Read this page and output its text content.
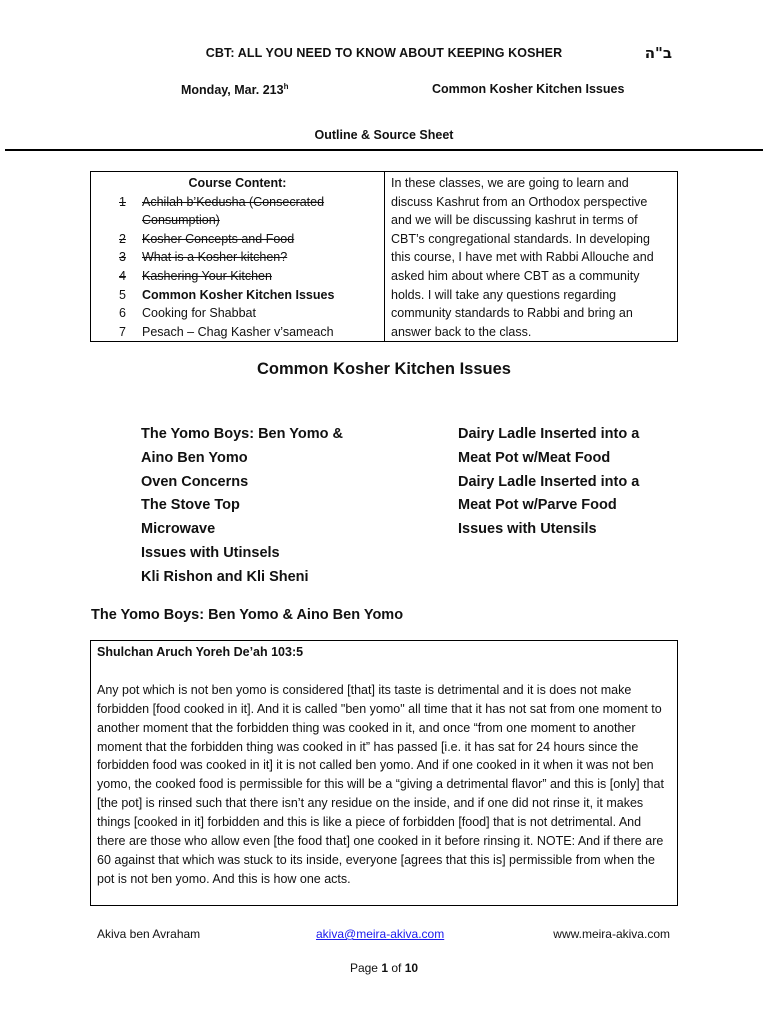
CBT: ALL YOU NEED TO KNOW ABOUT KEEPING KOSHER	ב"ה
Monday, Mar. 213$^h$	Common Kosher Kitchen Issues
Outline & Source Sheet
Course Content:
1	Achilah b’Kedusha (Consecrated Consumption)
2	Kosher Concepts and Food
3	What is a Kosher kitchen?
4	Kashering Your Kitchen
5	Common Kosher Kitchen Issues
6	Cooking for Shabbat
7	Pesach – Chag Kasher v’sameach
In these classes, we are going to learn and discuss Kashrut from an Orthodox perspective and we will be discussing kashrut in terms of CBT’s congregational standards. In developing this course, I have met with Rabbi Allouche and asked him about where CBT as a community holds. I will take any questions regarding community standards to Rabbi and bring an answer back to the class.
Common Kosher Kitchen Issues
The Yomo Boys: Ben Yomo &
Aino Ben Yomo
Oven Concerns
The Stove Top
Microwave
Issues with Utinsels
Kli Rishon and Kli Sheni
Dairy Ladle Inserted into a
Meat Pot w/Meat Food
Dairy Ladle Inserted into a
Meat Pot w/Parve Food
Issues with Utensils
The Yomo Boys: Ben Yomo & Aino Ben Yomo
Shulchan Aruch Yoreh De’ah 103:5

Any pot which is not ben yomo is considered [that] its taste is detrimental and it is does not make forbidden [food cooked in it]. And it is called "ben yomo" all time that it has not sat from one moment to another moment that the forbidden thing was cooked in it, and once “from one moment to another moment that the forbidden thing was cooked in it” has passed [i.e. it has sat for 24 hours since the forbidden food was cooked in it] it is not called ben yomo. And if one cooked in it when it was not ben yomo, the cooked food is permissible for this will be a “giving a detrimental flavor” and this is [only] that [the pot] is rinsed such that there isn’t any residue on the inside, and if one did not rinse it, it makes things [cooked in it] forbidden and this is like a piece of forbidden [food] that is not detrimental. And there are those who allow even [the food that] one cooked in it before rinsing it. NOTE: And if there are 60 against that which was stuck to its inside, everyone [agrees that this is] permissible from when the pot is not ben yomo. And this is how one acts.

Akiva ben Avraham	akiva@meira-akiva.com	www.meira-akiva.com
Page 1 of 10
